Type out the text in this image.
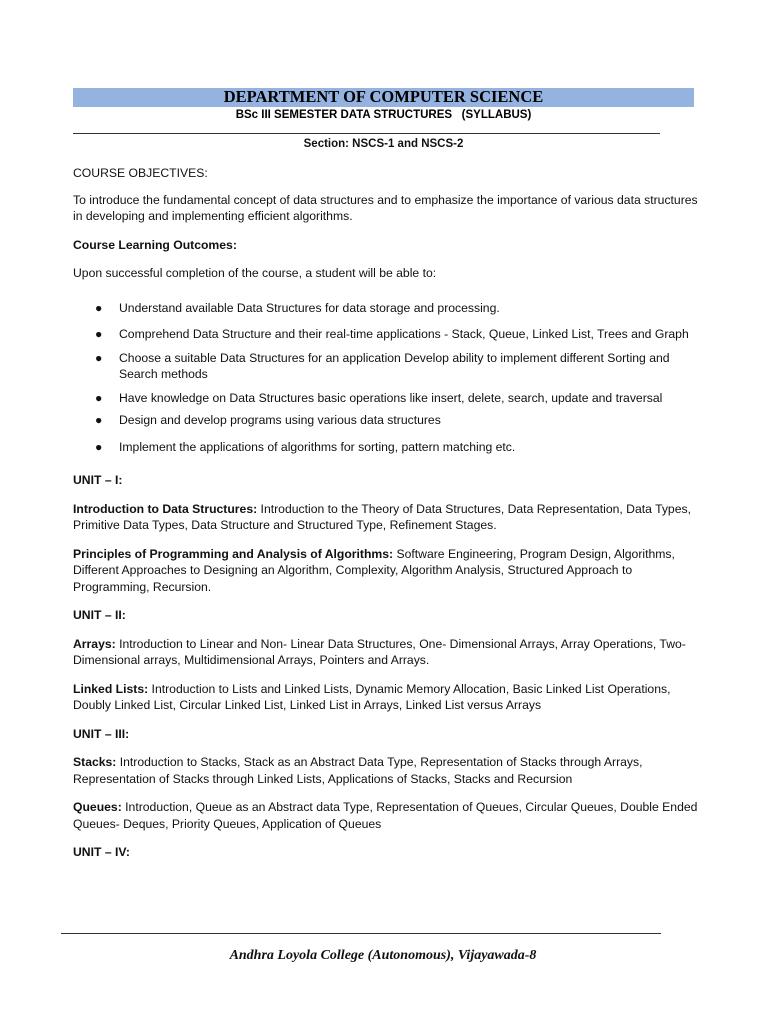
DEPARTMENT OF COMPUTER SCIENCE
BSc III SEMESTER DATA STRUCTURES (SYLLABUS)
Section: NSCS-1 and NSCS-2

COURSE OBJECTIVES:

To introduce the fundamental concept of data structures and to emphasize the importance of various data structures in developing and implementing efficient algorithms.

Course Learning Outcomes:

Upon successful completion of the course, a student will be able to:

● Understand available Data Structures for data storage and processing.
● Comprehend Data Structure and their real-time applications - Stack, Queue, Linked List, Trees and Graph
● Choose a suitable Data Structures for an application Develop ability to implement different Sorting and Search methods
● Have knowledge on Data Structures basic operations like insert, delete, search, update and traversal
● Design and develop programs using various data structures
● Implement the applications of algorithms for sorting, pattern matching etc.

UNIT – I:

Introduction to Data Structures: Introduction to the Theory of Data Structures, Data Representation, Data Types, Primitive Data Types, Data Structure and Structured Type, Refinement Stages.

Principles of Programming and Analysis of Algorithms: Software Engineering, Program Design, Algorithms, Different Approaches to Designing an Algorithm, Complexity, Algorithm Analysis, Structured Approach to Programming, Recursion.

UNIT – II:

Arrays: Introduction to Linear and Non- Linear Data Structures, One- Dimensional Arrays, Array Operations, Two- Dimensional arrays, Multidimensional Arrays, Pointers and Arrays.

Linked Lists: Introduction to Lists and Linked Lists, Dynamic Memory Allocation, Basic Linked List Operations, Doubly Linked List, Circular Linked List, Linked List in Arrays, Linked List versus Arrays

UNIT – III:

Stacks: Introduction to Stacks, Stack as an Abstract Data Type, Representation of Stacks through Arrays, Representation of Stacks through Linked Lists, Applications of Stacks, Stacks and Recursion

Queues: Introduction, Queue as an Abstract data Type, Representation of Queues, Circular Queues, Double Ended Queues- Deques, Priority Queues, Application of Queues

UNIT – IV:

Andhra Loyola College (Autonomous), Vijayawada-8
